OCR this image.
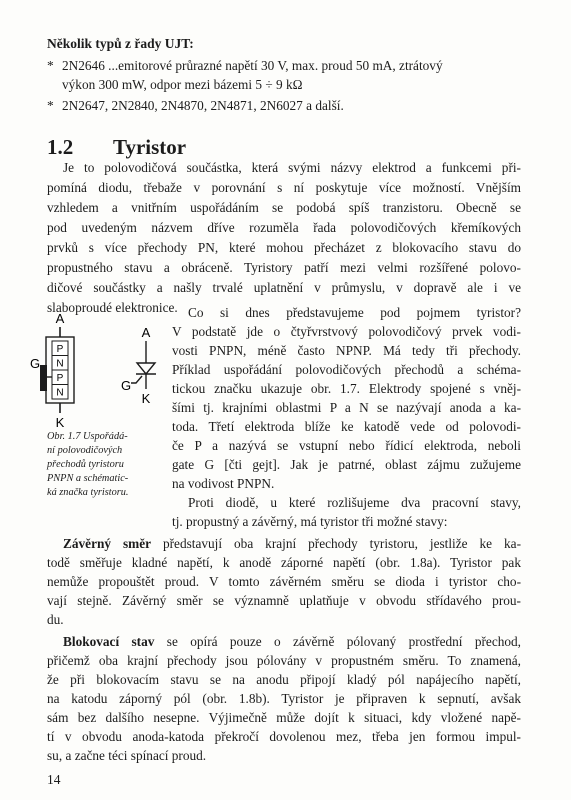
Několik typů z řady UJT:
* 2N2646 ...emitorové průrazné napětí 30 V, max. proud 50 mA, ztrátový
výkon 300 mW, odpor mezi bázemi 5 ÷ 9 kΩ
* 2N2647, 2N2840, 2N4870, 2N4871, 2N6027 a další.
1.2 Tyristor
Je to polovodičová součástka, která svými názvy elektrod a funkcemi při-
pomíná diodu, třebaže v porovnání s ní poskytuje více možností. Vnějším
vzhledem a vnitřním uspořádáním se podobá spíš tranzistoru. Obecně se
pod uvedeným názvem dříve rozuměla řada polovodičových křemíkových
prvků s více přechody PN, které mohou přecházet z blokovacího stavu do
propustného stavu a obráceně. Tyristory patří mezi velmi rozšířené polovo-
dičové součástky a našly trvalé uplatnění v průmyslu, v dopravě ale i ve
slaboproudé elektronice.
A
P
N
P
N
G
K
A
G
K
Obr. 1.7 Uspořádá-
ní polovodičových
přechodů tyristoru
PNPN a schématic-
ká značka tyristoru.
Co si dnes představujeme pod pojmem tyristor?
V podstatě jde o čtyřvrstvový polovodičový prvek vodi-
vosti PNPN, méně často NPNP. Má tedy tři přechody.
Příklad uspořádání polovodičových přechodů a schéma-
tickou značku ukazuje obr. 1.7. Elektrody spojené s vněj-
šími tj. krajními oblastmi P a N se nazývají anoda a ka-
toda. Třetí elektroda blíže ke katodě vede od polovodi-
če P a nazývá se vstupní nebo řídicí elektroda, neboli
gate G [čti gejt]. Jak je patrné, oblast zájmu zužujeme
na vodivost PNPN.
Proti diodě, u které rozlišujeme dva pracovní stavy,
tj. propustný a závěrný, má tyristor tři možné stavy:
Závěrný směr představují oba krajní přechody tyristoru, jestliže ke ka-
todě směřuje kladné napětí, k anodě záporné napětí (obr. 1.8a). Tyristor pak
nemůže propouštět proud. V tomto závěrném směru se dioda i tyristor cho-
vají stejně. Závěrný směr se významně uplatňuje v obvodu střídavého prou-
du.
Blokovací stav se opírá pouze o závěrně pólovaný prostřední přechod,
přičemž oba krajní přechody jsou pólovány v propustném směru. To znamená,
že při blokovacím stavu se na anodu připojí kladý pól napájecího napětí,
na katodu záporný pól (obr. 1.8b). Tyristor je připraven k sepnutí, avšak
sám bez dalšího nesepne. Výjimečně může dojít k situaci, kdy vložené napě-
tí v obvodu anoda-katoda překročí dovolenou mez, třeba jen formou impul-
su, a začne téci spínací proud.
14
